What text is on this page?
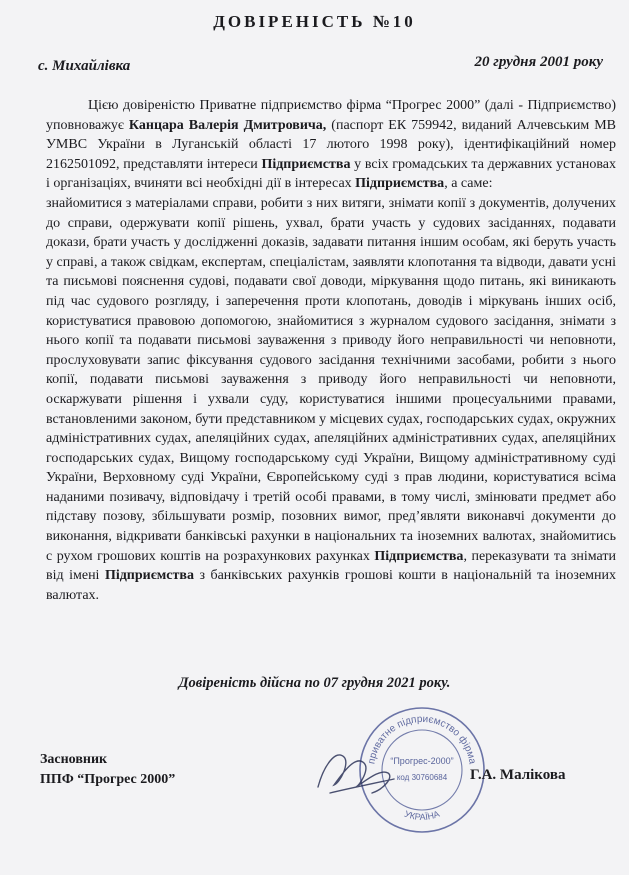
ДОВІРЕНІСТЬ №10
с. Михайлівка	20 грудня 2001 року

Цією довіреністю Приватне підприємство фірма “Прогрес 2000” (далі - Підприємство) уповноважує Канцара Валерія Дмитровича, (паспорт ЕК 759942, виданий Алчевським МВ УМВС України в Луганській області 17 лютого 1998 року), ідентифікаційний номер 2162501092, представляти інтереси Підприємства у всіх громадських та державних установах і організаціях, вчиняти всі необхідні дії в інтересах Підприємства, а саме:

знайомитися з матеріалами справи, робити з них витяги, знімати копії з документів, долучених до справи, одержувати копії рішень, ухвал, брати участь у судових засіданнях, подавати докази, брати участь у дослідженні доказів, задавати питання іншим особам, які беруть участь у справі, а також свідкам, експертам, спеціалістам, заявляти клопотання та відводи, давати усні та письмові пояснення судові, подавати свої доводи, міркування щодо питань, які виникають під час судового розгляду, і заперечення проти клопотань, доводів і міркувань інших осіб, користуватися правовою допомогою, знайомитися з журналом судового засідання, знімати з нього копії та подавати письмові зауваження з приводу його неправильності чи неповноти, прослуховувати запис фіксування судового засідання технічними засобами, робити з нього копії, подавати письмові зауваження з приводу його неправильності чи неповноти, оскаржувати рішення і ухвали суду, користуватися іншими процесуальними правами, встановленими законом, бути представником у місцевих судах, господарських судах, окружних адміністративних судах, апеляційних судах, апеляційних адміністративних судах, апеляційних господарських судах, Вищому господарському суді України, Вищому адміністративному суді України, Верховному суді України, Європейському суді з прав людини, користуватися всіма наданими позивачу, відповідачу і третій особі правами, в тому числі, змінювати предмет або підставу позову, збільшувати розмір, позовних вимог, пред’являти виконавчі документи до виконання, відкривати банківські рахунки в національних та іноземних валютах, знайомитись с рухом грошових коштів на розрахункових рахунках Підприємства, переказувати та знімати від імені Підприємства з банківських рахунків грошові кошти в національній та іноземних валютах.

Довіреність дійсна по 07 грудня 2021 року.
Засновник
ППФ “Прогрес 2000”
приватне підприємство фірма
“Прогрес-2000”
код 30760684
УКРАЇНА
Г.А. Малікова
